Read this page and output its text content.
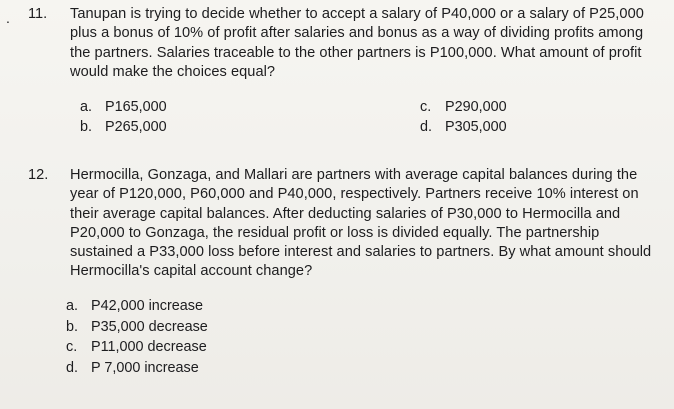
. 11.	Tanupan is trying to decide whether to accept a salary of P40,000 or a salary of P25,000 plus a bonus of 10% of profit after salaries and bonus as a way of dividing profits among the partners. Salaries traceable to the other partners is P100,000. What amount of profit would make the choices equal?

a. P165,000	c. P290,000
b. P265,000	d. P305,000
12.	Hermocilla, Gonzaga, and Mallari are partners with average capital balances during the year of P120,000, P60,000 and P40,000, respectively. Partners receive 10% interest on their average capital balances. After deducting salaries of P30,000 to Hermocilla and P20,000 to Gonzaga, the residual profit or loss is divided equally. The partnership sustained a P33,000 loss before interest and salaries to partners. By what amount should Hermocilla's capital account change?

a. P42,000 increase
b. P35,000 decrease
c. P11,000 decrease
d. P 7,000 increase
